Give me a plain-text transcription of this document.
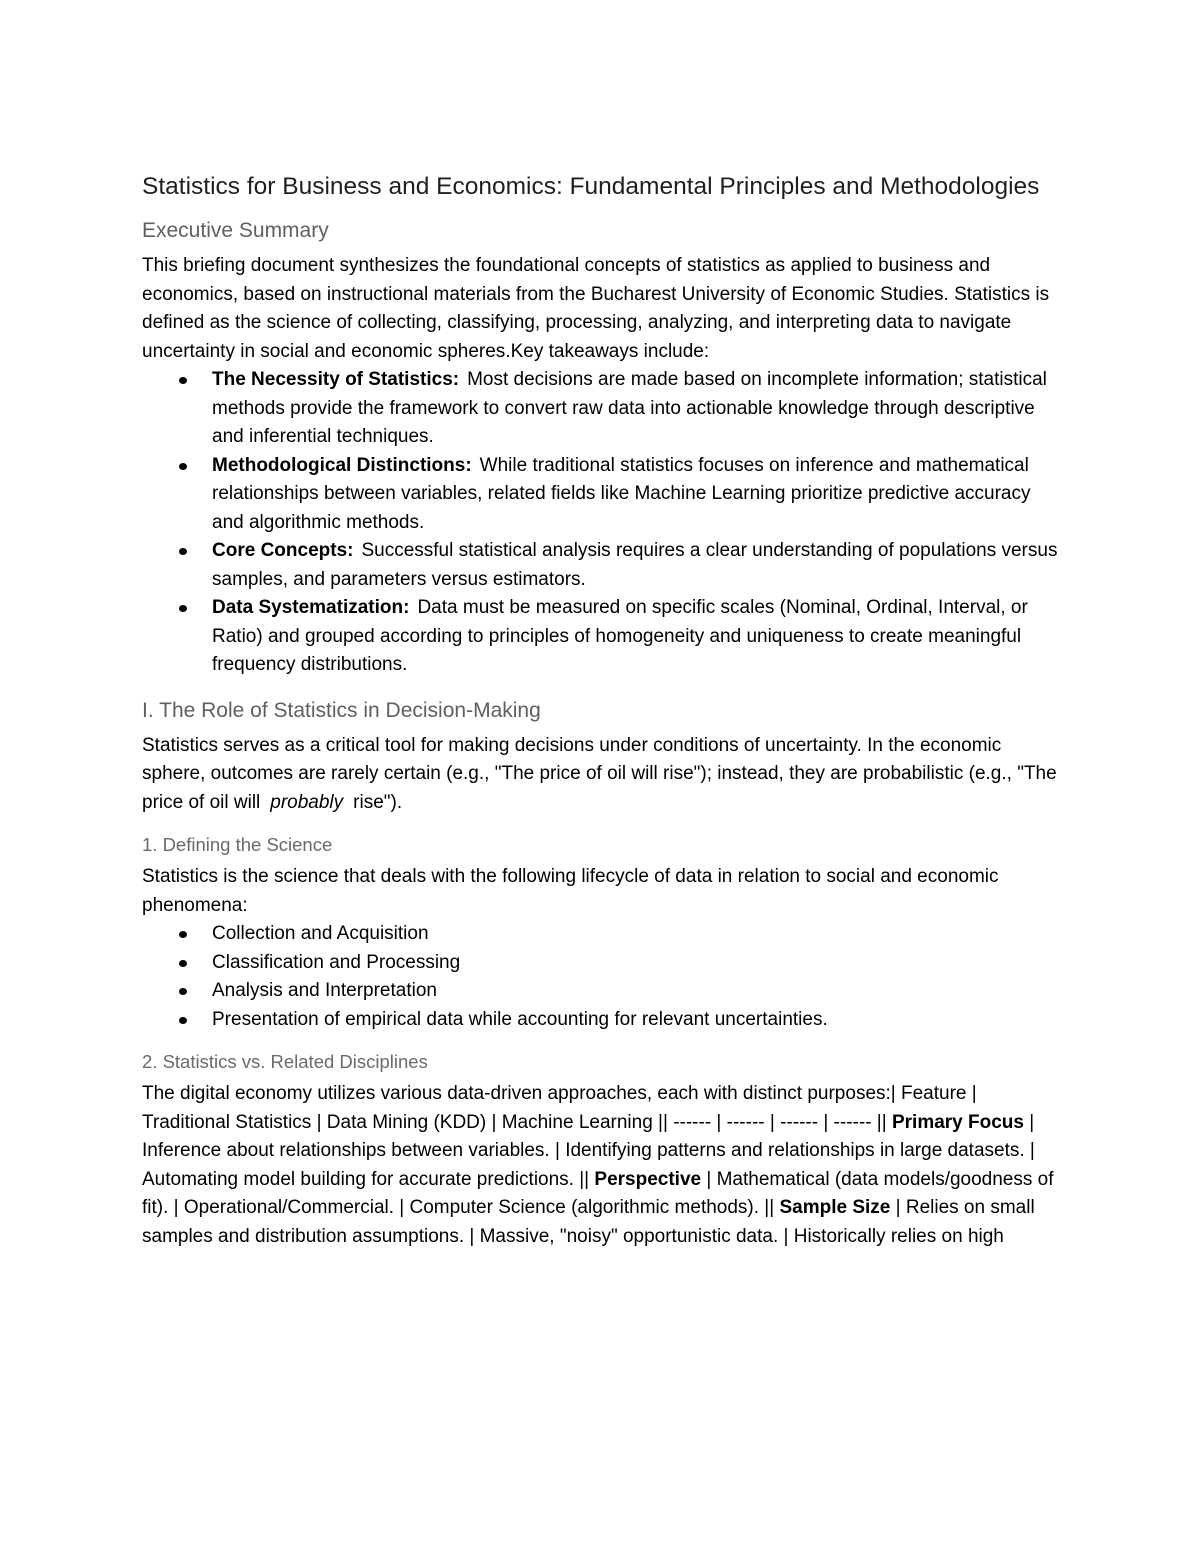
Statistics for Business and Economics: Fundamental Principles and Methodologies
Executive Summary

This briefing document synthesizes the foundational concepts of statistics as applied to business and economics, based on instructional materials from the Bucharest University of Economic Studies. Statistics is defined as the science of collecting, classifying, processing, analyzing, and interpreting data to navigate uncertainty in social and economic spheres.Key takeaways include:

The Necessity of Statistics: Most decisions are made based on incomplete information; statistical methods provide the framework to convert raw data into actionable knowledge through descriptive and inferential techniques.
Methodological Distinctions: While traditional statistics focuses on inference and mathematical relationships between variables, related fields like Machine Learning prioritize predictive accuracy and algorithmic methods.
Core Concepts: Successful statistical analysis requires a clear understanding of populations versus samples, and parameters versus estimators.
Data Systematization: Data must be measured on specific scales (Nominal, Ordinal, Interval, or Ratio) and grouped according to principles of homogeneity and uniqueness to create meaningful frequency distributions.
I. The Role of Statistics in Decision-Making

Statistics serves as a critical tool for making decisions under conditions of uncertainty. In the economic sphere, outcomes are rarely certain (e.g., "The price of oil will rise"); instead, they are probabilistic (e.g., "The price of oil will probably rise").

1. Defining the Science

Statistics is the science that deals with the following lifecycle of data in relation to social and economic phenomena:

Collection and Acquisition
Classification and Processing
Analysis and Interpretation
Presentation of empirical data while accounting for relevant uncertainties.
2. Statistics vs. Related Disciplines

The digital economy utilizes various data-driven approaches, each with distinct purposes:| Feature | Traditional Statistics | Data Mining (KDD) | Machine Learning || ------ | ------ | ------ | ------ || Primary Focus | Inference about relationships between variables. | Identifying patterns and relationships in large datasets. | Automating model building for accurate predictions. || Perspective | Mathematical (data models/goodness of fit). | Operational/Commercial. | Computer Science (algorithmic methods). || Sample Size | Relies on small samples and distribution assumptions. | Massive, "noisy" opportunistic data. | Historically relies on high
